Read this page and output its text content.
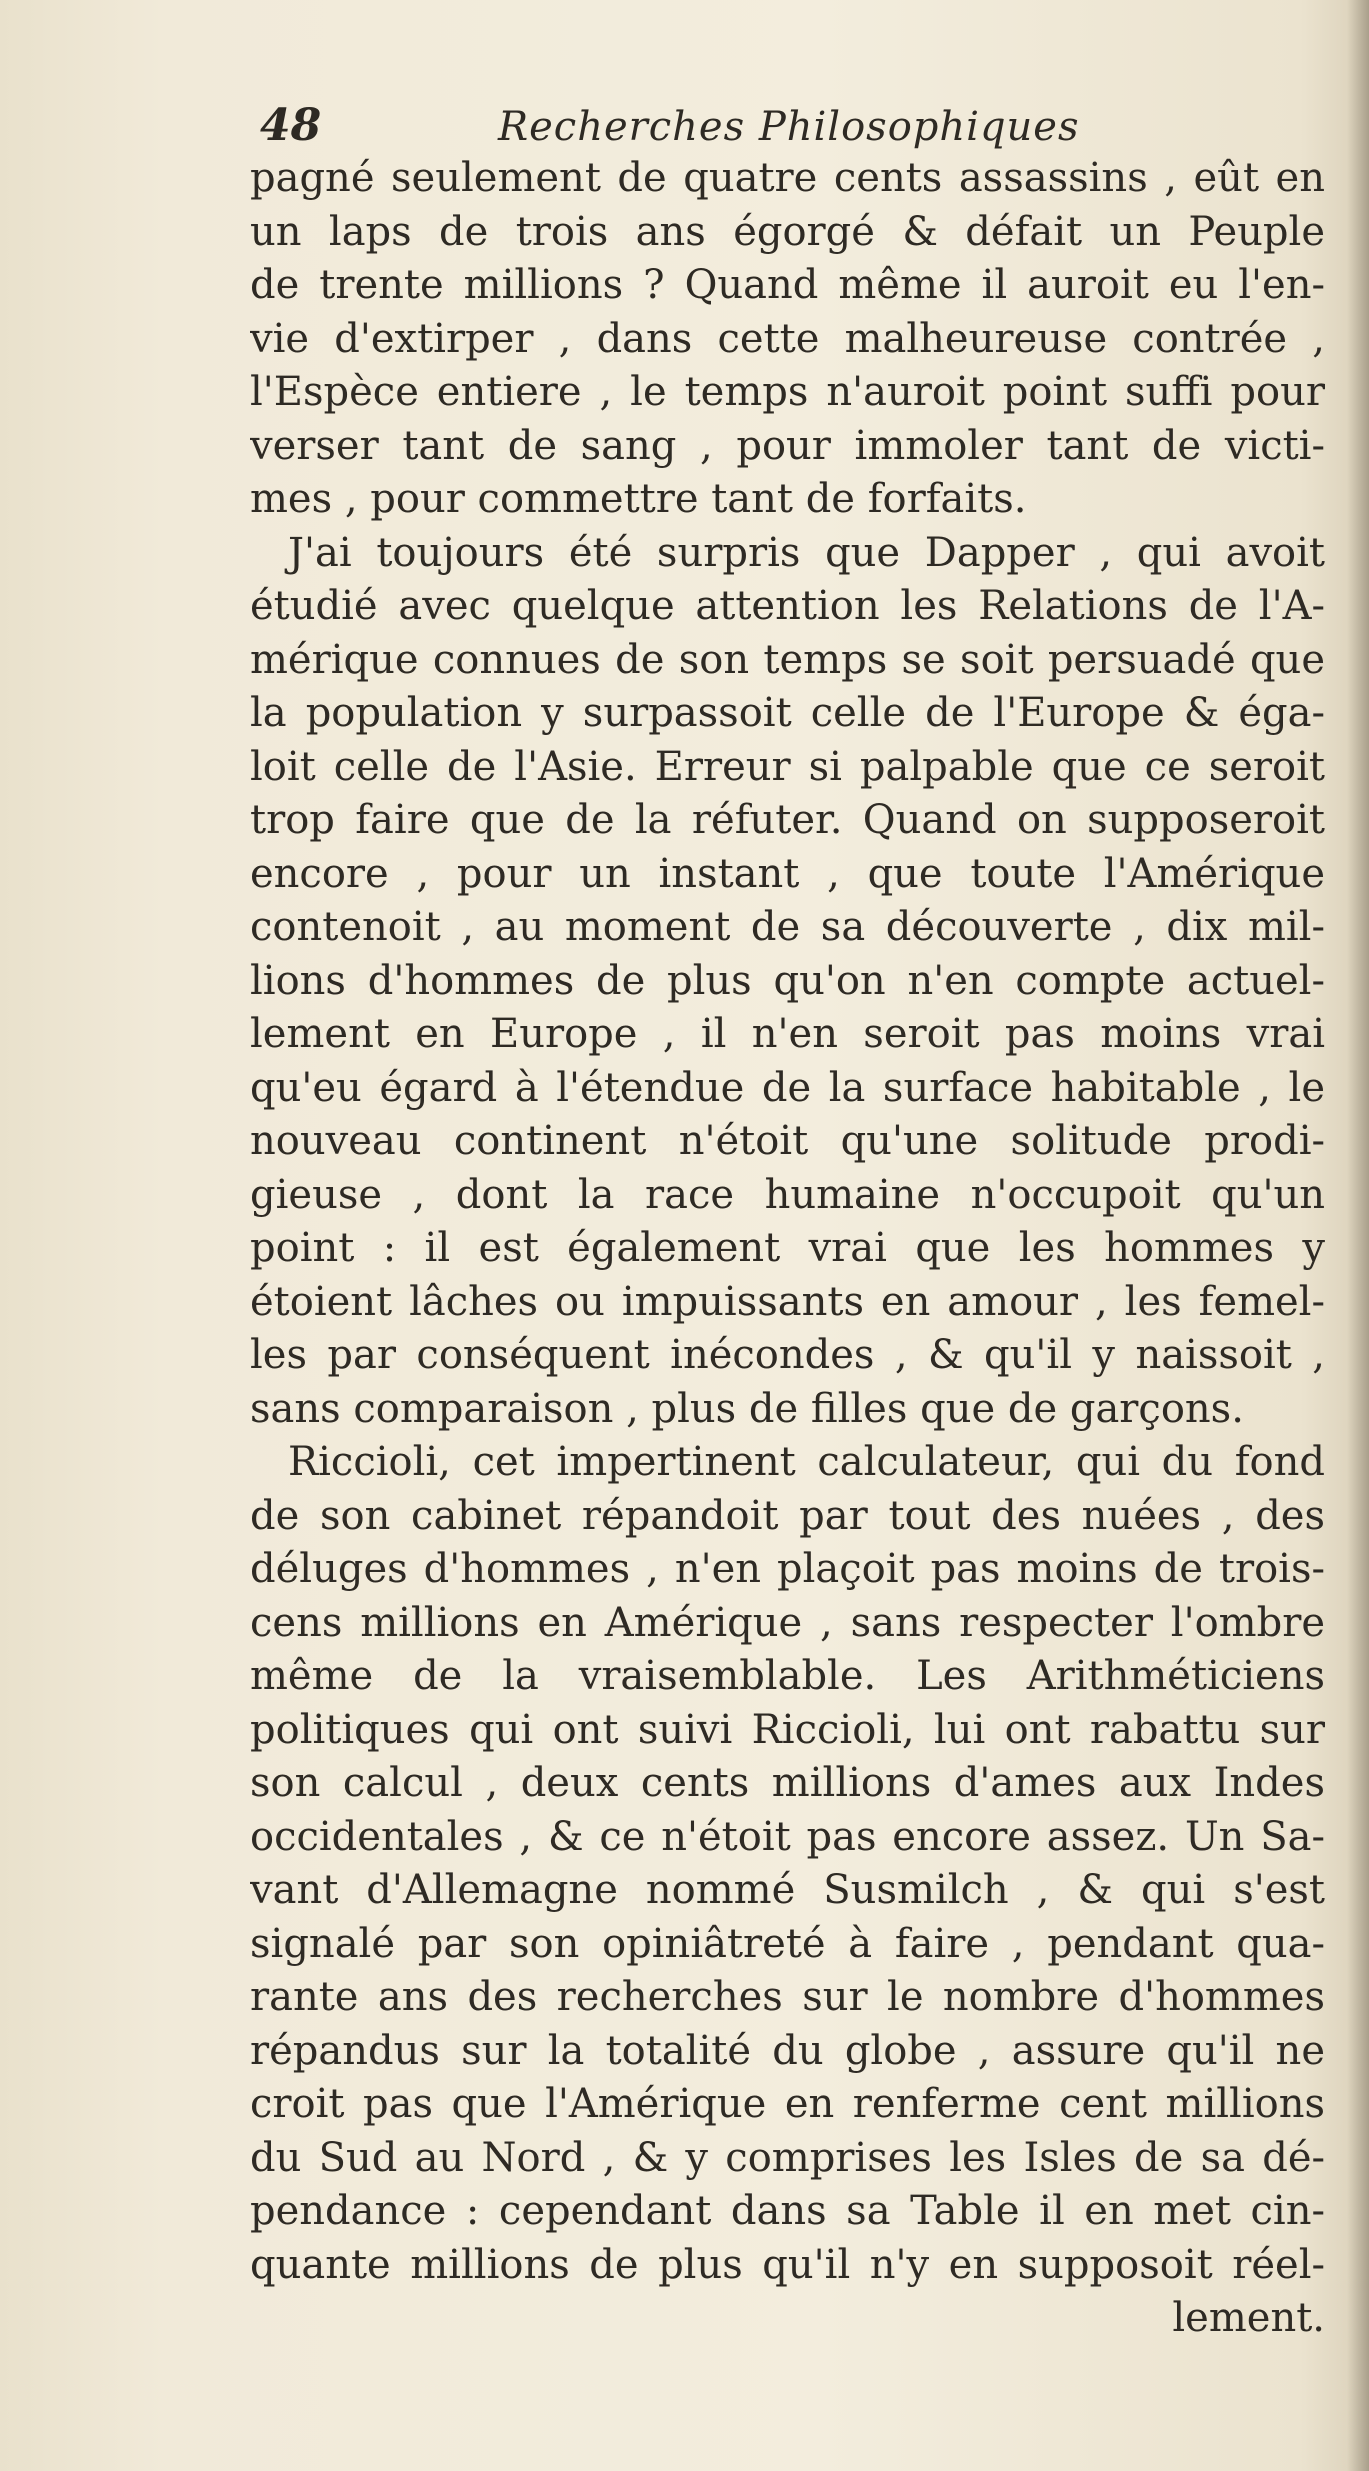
48	Recherches Philosophiques
pagné seulement de quatre cents assassins , eût en
un laps de trois ans égorgé & défait un Peuple
de trente millions ? Quand même il auroit eu l'en-
vie d'extirper , dans cette malheureuse contrée ,
l'Espèce entiere , le temps n'auroit point suffi pour
verser tant de sang , pour immoler tant de victi-
mes , pour commettre tant de forfaits.
J'ai toujours été surpris que Dapper , qui avoit
étudié avec quelque attention les Relations de l'A-
mérique connues de son temps se soit persuadé que
la population y surpassoit celle de l'Europe & éga-
loit celle de l'Asie. Erreur si palpable que ce seroit
trop faire que de la réfuter. Quand on supposeroit
encore , pour un instant , que toute l'Amérique
contenoit , au moment de sa découverte , dix mil-
lions d'hommes de plus qu'on n'en compte actuel-
lement en Europe , il n'en seroit pas moins vrai
qu'eu égard à l'étendue de la surface habitable , le
nouveau continent n'étoit qu'une solitude prodi-
gieuse , dont la race humaine n'occupoit qu'un
point : il est également vrai que les hommes y
étoient lâches ou impuissants en amour , les femel-
les par conséquent inécondes , & qu'il y naissoit ,
sans comparaison , plus de filles que de garçons.
Riccioli, cet impertinent calculateur, qui du fond
de son cabinet répandoit par tout des nuées , des
déluges d'hommes , n'en plaçoit pas moins de trois-
cens millions en Amérique , sans respecter l'ombre
même de la vraisemblable. Les Arithméticiens
politiques qui ont suivi Riccioli, lui ont rabattu sur
son calcul , deux cents millions d'ames aux Indes
occidentales , & ce n'étoit pas encore assez. Un Sa-
vant d'Allemagne nommé Susmilch , & qui s'est
signalé par son opiniâtreté à faire , pendant qua-
rante ans des recherches sur le nombre d'hommes
répandus sur la totalité du globe , assure qu'il ne
croit pas que l'Amérique en renferme cent millions
du Sud au Nord , & y comprises les Isles de sa dé-
pendance : cependant dans sa Table il en met cin-
quante millions de plus qu'il n'y en supposoit réel-
lement.
